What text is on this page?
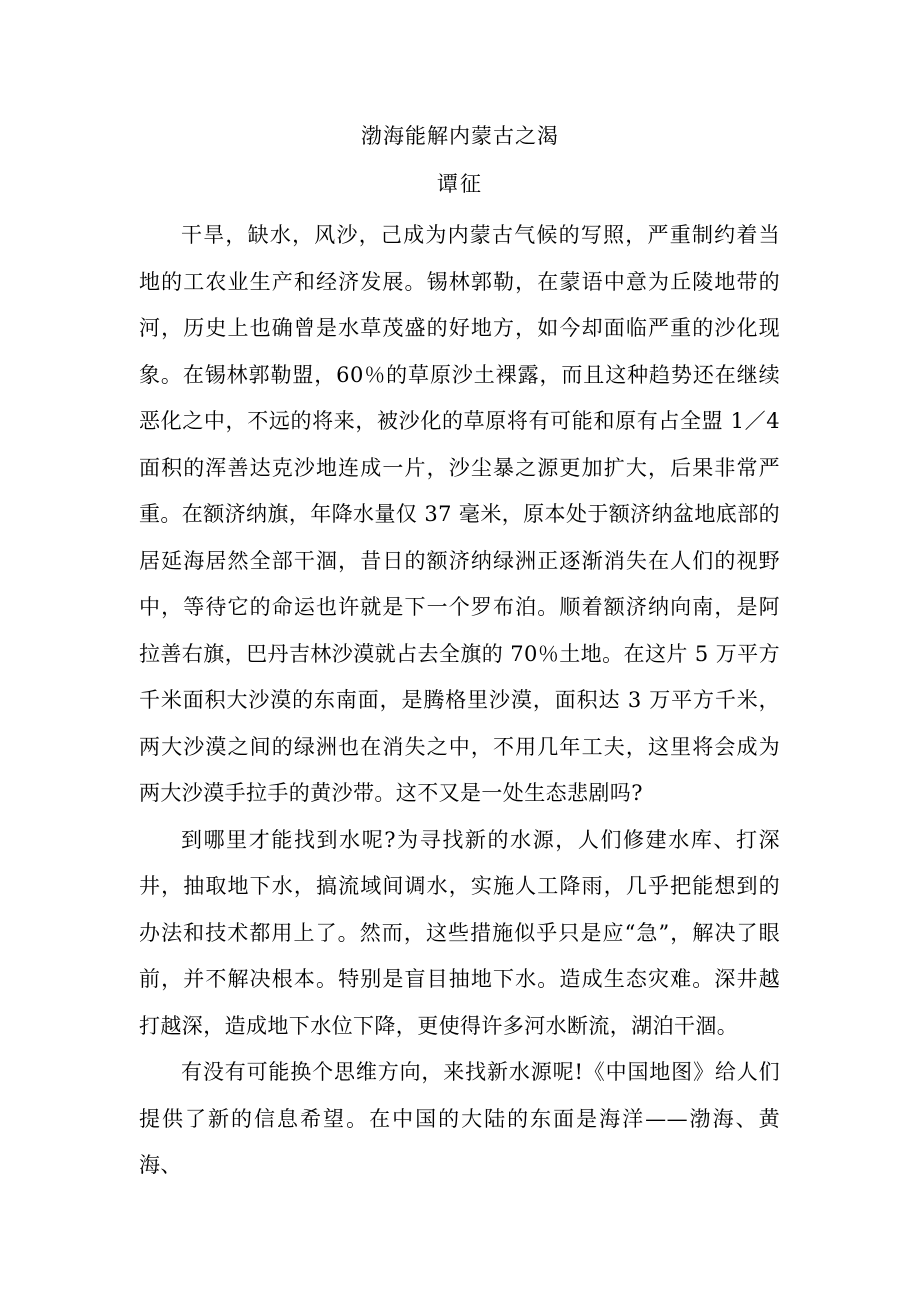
渤海能解内蒙古之渴
谭征

干旱，缺水，风沙，己成为内蒙古气候的写照，严重制约着当地的工农业生产和经济发展。锡林郭勒，在蒙语中意为丘陵地带的河，历史上也确曾是水草茂盛的好地方，如今却面临严重的沙化现象。在锡林郭勒盟，60％的草原沙土裸露，而且这种趋势还在继续恶化之中，不远的将来，被沙化的草原将有可能和原有占全盟 1／4 面积的浑善达克沙地连成一片，沙尘暴之源更加扩大，后果非常严重。在额济纳旗，年降水量仅 37 毫米，原本处于额济纳盆地底部的居延海居然全部干涸，昔日的额济纳绿洲正逐渐消失在人们的视野中，等待它的命运也许就是下一个罗布泊。顺着额济纳向南，是阿拉善右旗，巴丹吉林沙漠就占去全旗的 70％土地。在这片 5 万平方千米面积大沙漠的东南面，是腾格里沙漠，面积达 3 万平方千米，两大沙漠之间的绿洲也在消失之中，不用几年工夫，这里将会成为两大沙漠手拉手的黄沙带。这不又是一处生态悲剧吗?

到哪里才能找到水呢?为寻找新的水源，人们修建水库、打深井，抽取地下水，搞流域间调水，实施人工降雨，几乎把能想到的办法和技术都用上了。然而，这些措施似乎只是应“急”，解决了眼前，并不解决根本。特别是盲目抽地下水。造成生态灾难。深井越打越深，造成地下水位下降，更使得许多河水断流，湖泊干涸。

有没有可能换个思维方向，来找新水源呢!《中国地图》给人们提供了新的信息希望。在中国的大陆的东面是海洋——渤海、黄海、
